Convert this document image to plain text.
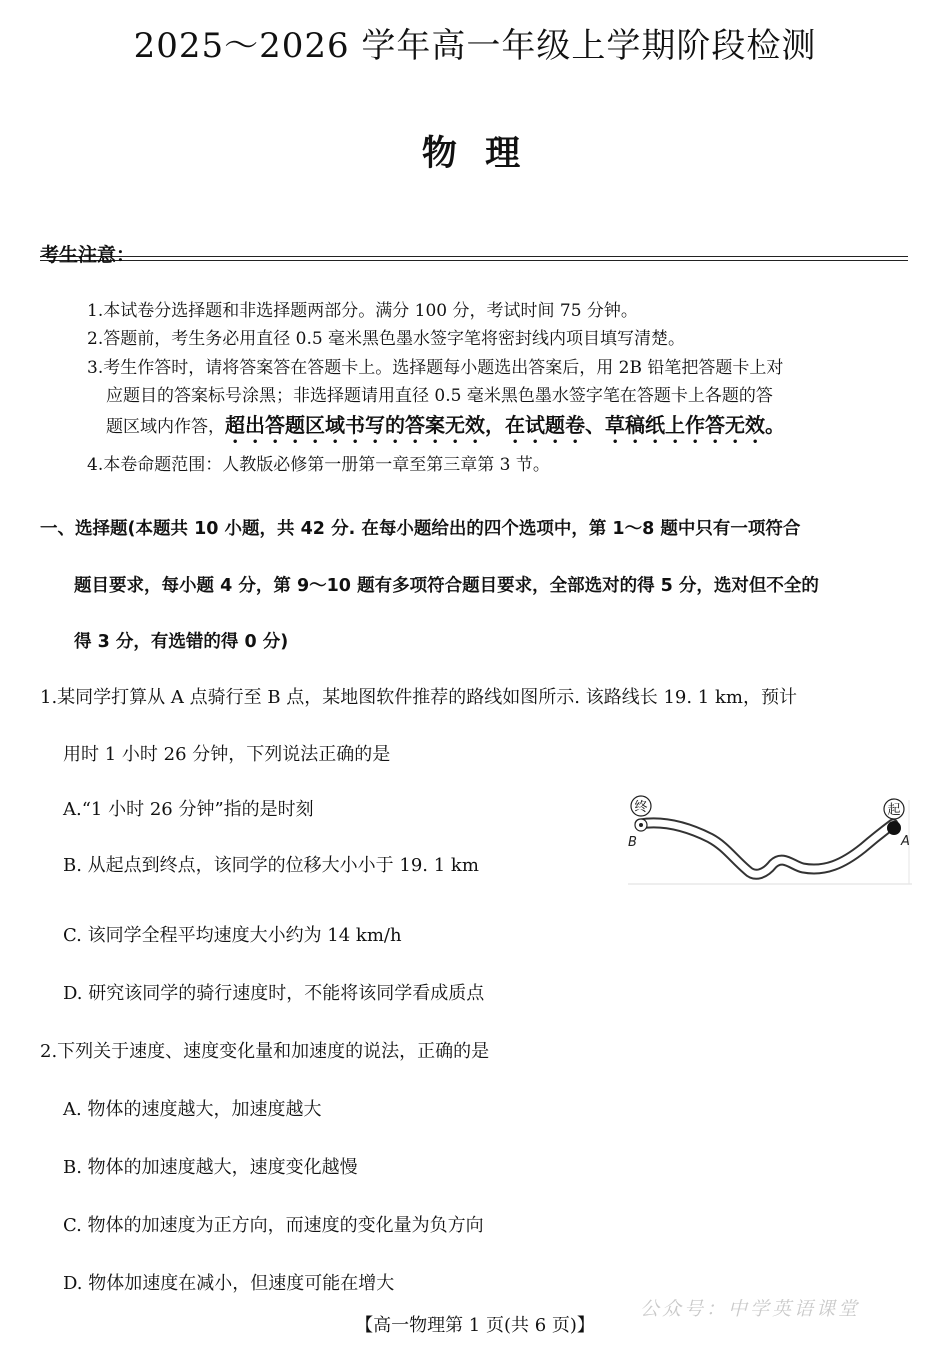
2025～2026 学年高一年级上学期阶段检测
物 理
考生注意：
1.本试卷分选择题和非选择题两部分。满分 100 分，考试时间 75 分钟。
2.答题前，考生务必用直径 0.5 毫米黑色墨水签字笔将密封线内项目填写清楚。
3.考生作答时，请将答案答在答题卡上。选择题每小题选出答案后，用 2B 铅笔把答题卡上对
应题目的答案标号涂黑；非选择题请用直径 0.5 毫米黑色墨水签字笔在答题卡上各题的答
题区域内作答，超出答题区域书写的答案无效，在试题卷、草稿纸上作答无效。
4.本卷命题范围：人教版必修第一册第一章至第三章第 3 节。
一、选择题(本题共 10 小题，共 42 分. 在每小题给出的四个选项中，第 1～8 题中只有一项符合
题目要求，每小题 4 分，第 9～10 题有多项符合题目要求，全部选对的得 5 分，选对但不全的
得 3 分，有选错的得 0 分)
1.某同学打算从 A 点骑行至 B 点，某地图软件推荐的路线如图所示. 该路线长 19. 1 km，预计
用时 1 小时 26 分钟，下列说法正确的是
A.“1 小时 26 分钟”指的是时刻
B. 从起点到终点，该同学的位移大小小于 19. 1 km
C. 该同学全程平均速度大小约为 14 km/h
D. 研究该同学的骑行速度时，不能将该同学看成质点
终
B
起
A
2.下列关于速度、速度变化量和加速度的说法，正确的是
A. 物体的速度越大，加速度越大
B. 物体的加速度越大，速度变化越慢
C. 物体的加速度为正方向，而速度的变化量为负方向
D. 物体加速度在减小，但速度可能在增大
公众号：中学英语课堂
【高一物理第 1 页(共 6 页)】
